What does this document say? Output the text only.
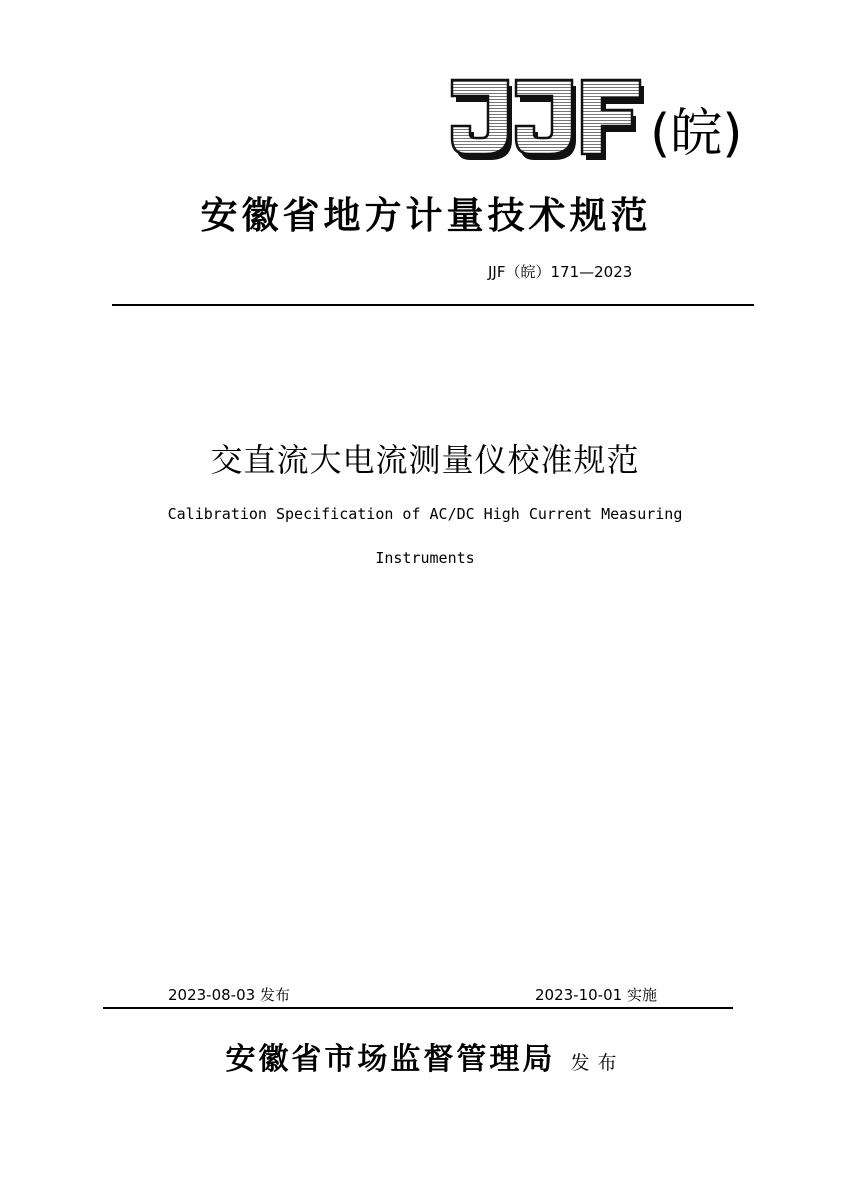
(皖)
安徽省地方计量技术规范
JJF（皖）171—2023
交直流大电流测量仪校准规范
Calibration Specification of AC/DC High Current Measuring
Instruments
2023-08-03 发布	2023-10-01 实施
安徽省市场监督管理局 发布
